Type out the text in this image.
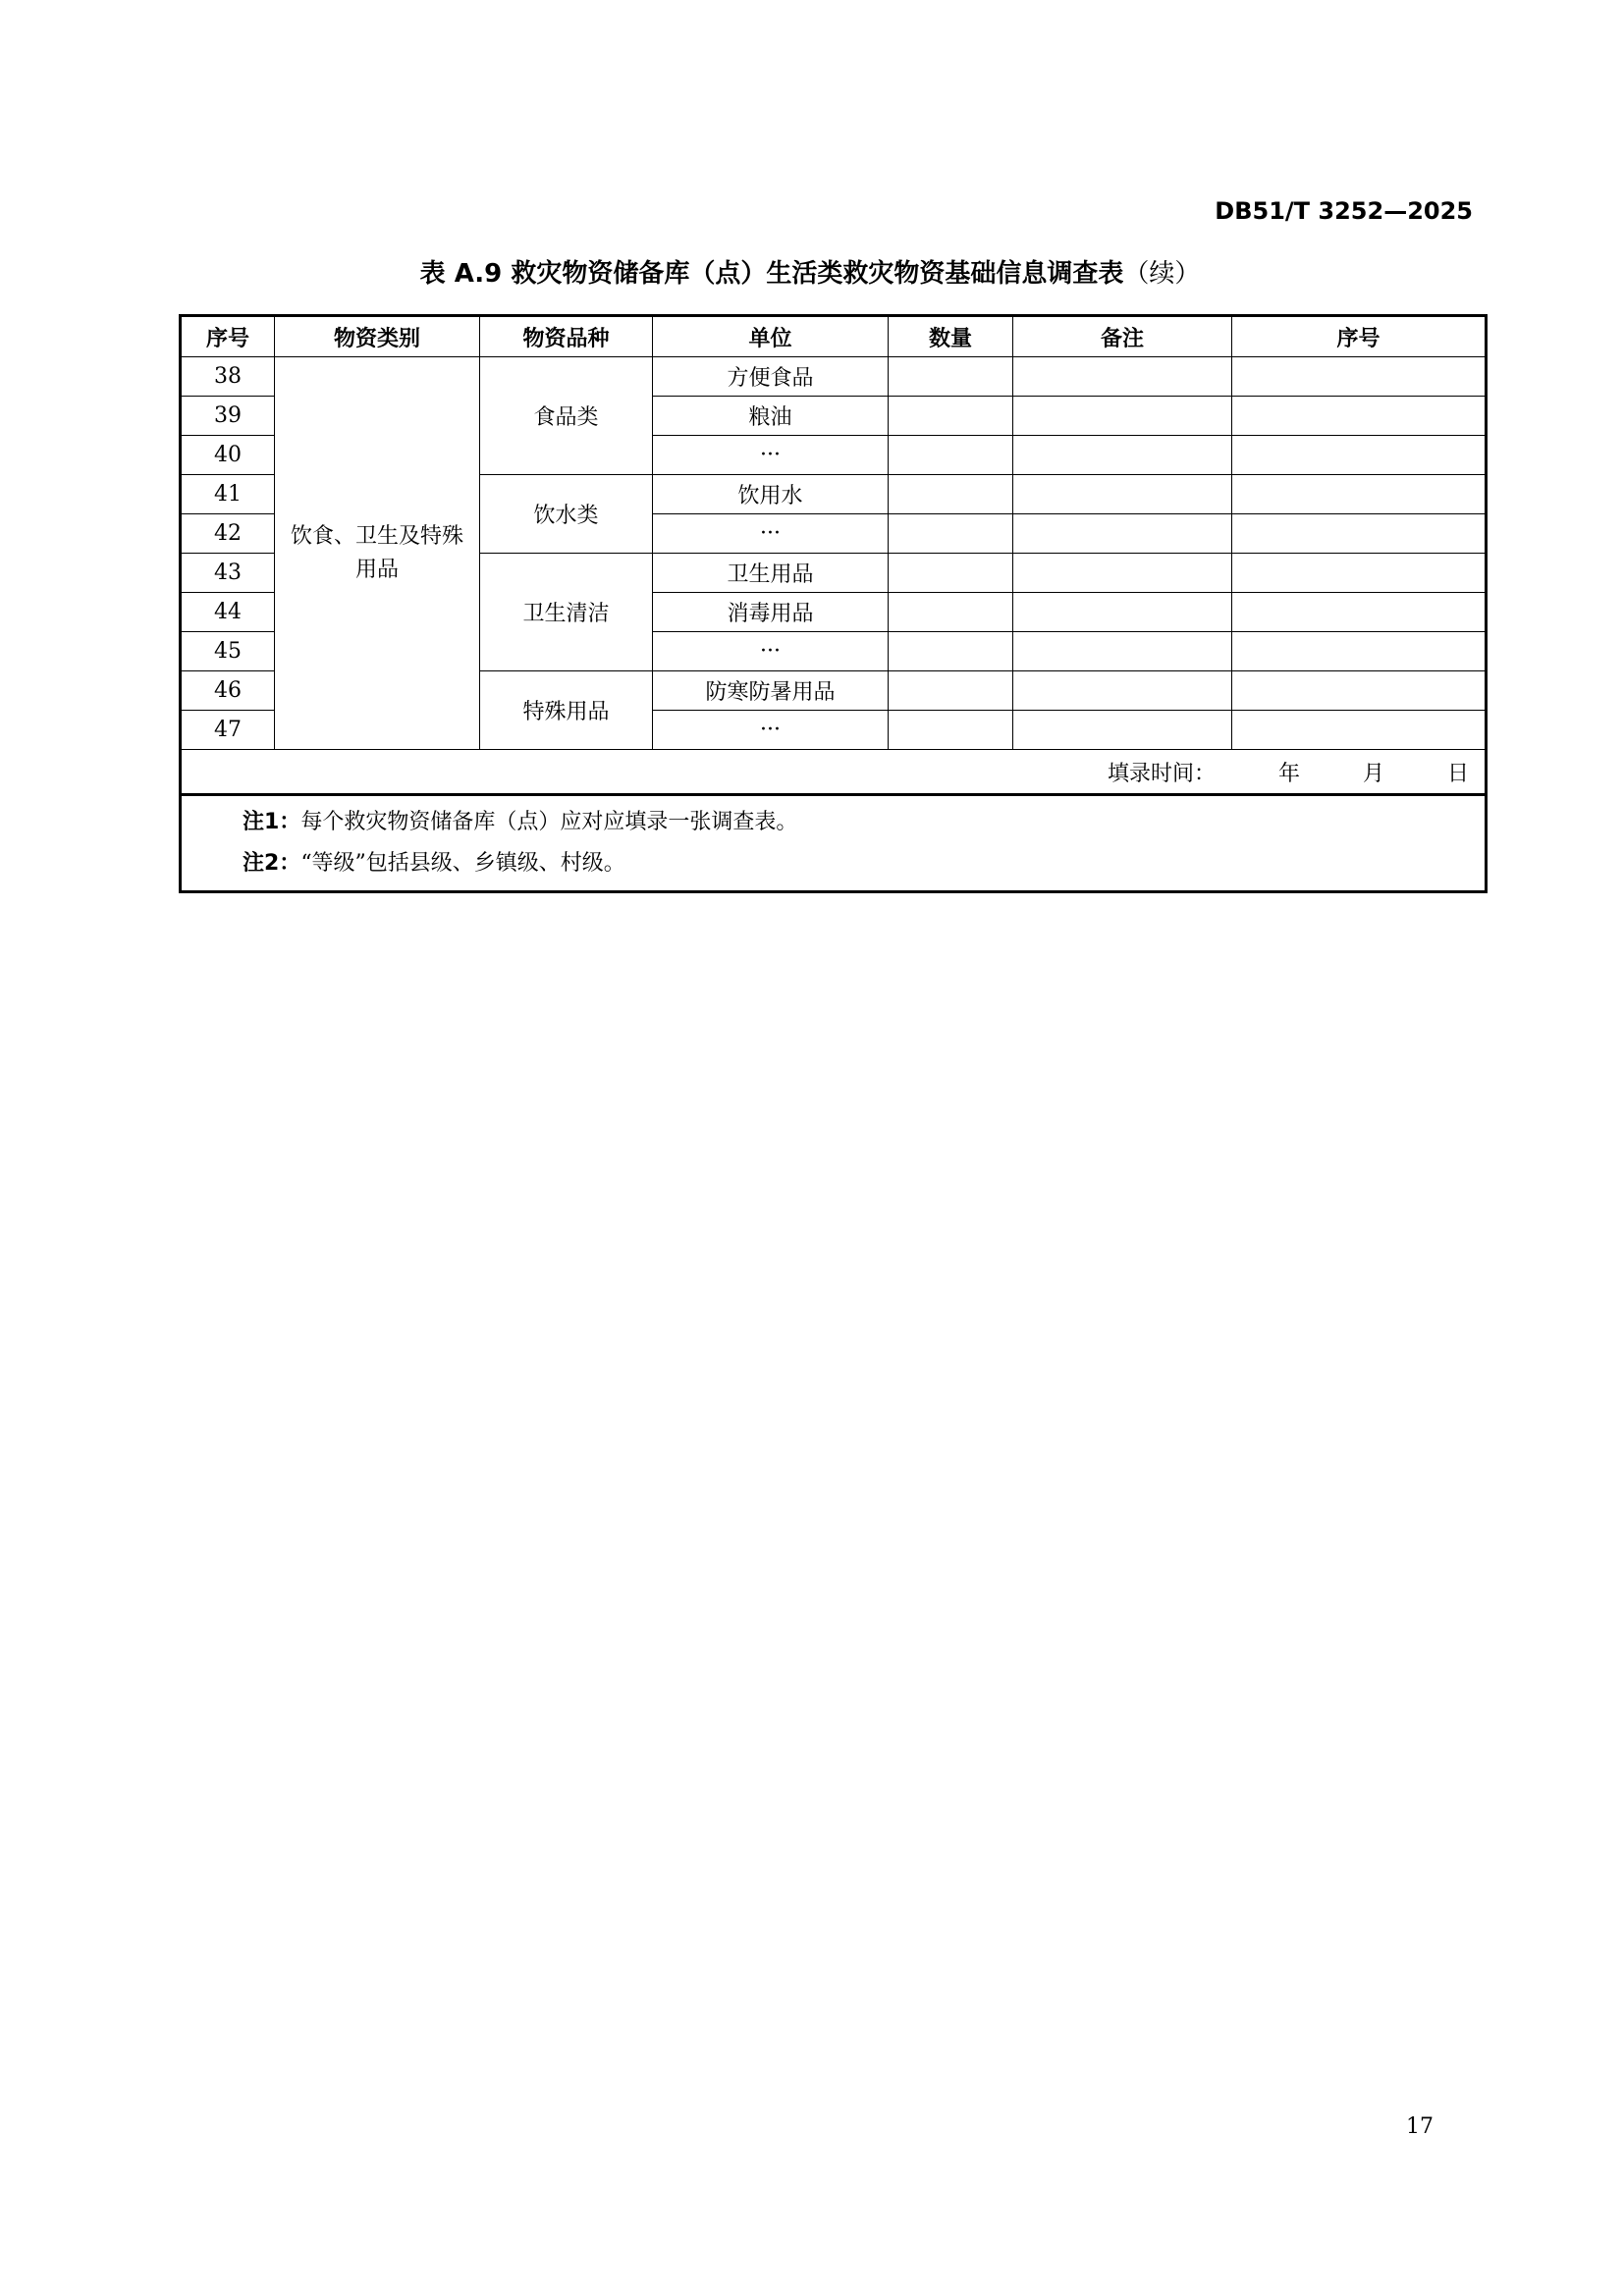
DB51/T 3252—2025
表 A.9 救灾物资储备库（点）生活类救灾物资基础信息调查表（续）
序号	物资类别	物资品种	单位	数量	备注	序号
38	饮食、卫生及特殊用品	食品类	方便食品			
39			粮油			
40			···			
41		饮水类	饮用水			
42			···			
43		卫生清洁	卫生用品			
44			消毒用品			
45			···			
46		特殊用品	防寒防暑用品			
47			···			
填录时间： 年 月 日						

注1：每个救灾物资储备库（点）应对应填录一张调查表。
注2：“等级”包括县级、乡镇级、村级。						
17
